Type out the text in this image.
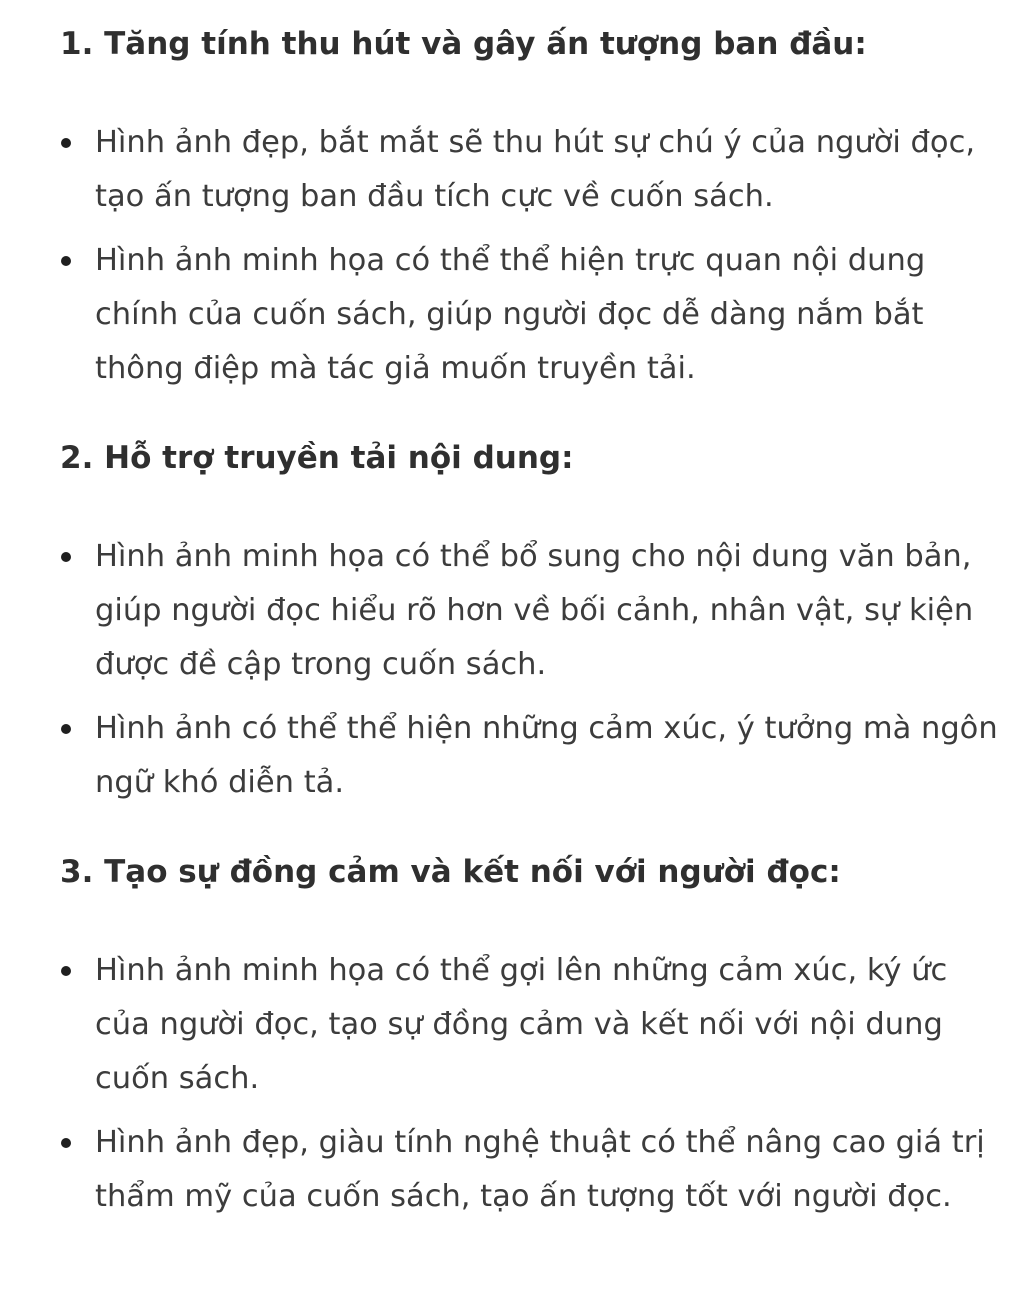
1. Tăng tính thu hút và gây ấn tượng ban đầu:
Hình ảnh đẹp, bắt mắt sẽ thu hút sự chú ý của người đọc, tạo ấn tượng ban đầu tích cực về cuốn sách.
Hình ảnh minh họa có thể thể hiện trực quan nội dung chính của cuốn sách, giúp người đọc dễ dàng nắm bắt thông điệp mà tác giả muốn truyền tải.
2. Hỗ trợ truyền tải nội dung:
Hình ảnh minh họa có thể bổ sung cho nội dung văn bản, giúp người đọc hiểu rõ hơn về bối cảnh, nhân vật, sự kiện được đề cập trong cuốn sách.
Hình ảnh có thể thể hiện những cảm xúc, ý tưởng mà ngôn ngữ khó diễn tả.
3. Tạo sự đồng cảm và kết nối với người đọc:
Hình ảnh minh họa có thể gợi lên những cảm xúc, ký ức của người đọc, tạo sự đồng cảm và kết nối với nội dung cuốn sách.
Hình ảnh đẹp, giàu tính nghệ thuật có thể nâng cao giá trị thẩm mỹ của cuốn sách, tạo ấn tượng tốt với người đọc.
